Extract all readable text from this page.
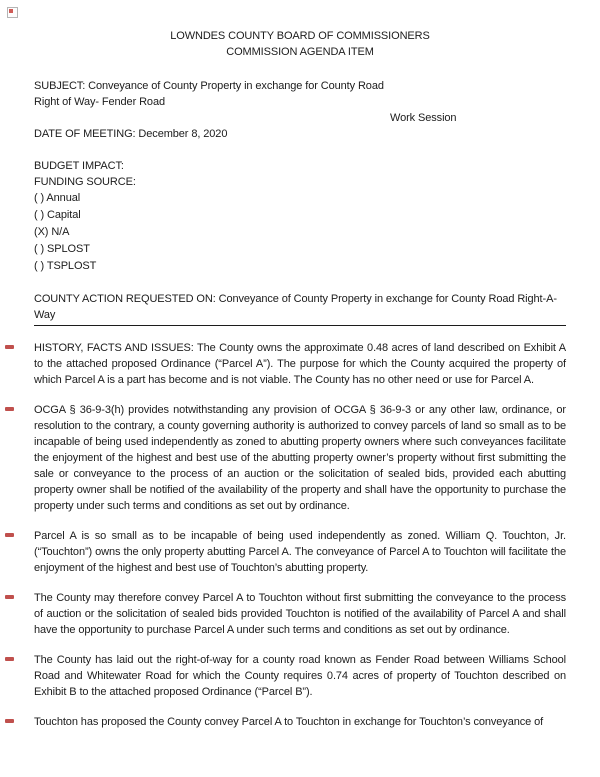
LOWNDES COUNTY BOARD OF COMMISSIONERS
COMMISSION AGENDA ITEM
SUBJECT: Conveyance of County Property in exchange for County Road
Right of Way- Fender Road
Work Session
DATE OF MEETING: December 8, 2020
BUDGET IMPACT:
FUNDING SOURCE:
( ) Annual
( ) Capital
(X) N/A
( ) SPLOST
( ) TSPLOST
COUNTY ACTION REQUESTED ON: Conveyance of County Property in exchange for County Road Right-A-Way
HISTORY, FACTS AND ISSUES: The County owns the approximate 0.48 acres of land described on Exhibit A to the attached proposed Ordinance (“Parcel A”). The purpose for which the County acquired the property of which Parcel A is a part has become and is not viable. The County has no other need or use for Parcel A.
OCGA § 36-9-3(h) provides notwithstanding any provision of OCGA § 36-9-3 or any other law, ordinance, or resolution to the contrary, a county governing authority is authorized to convey parcels of land so small as to be incapable of being used independently as zoned to abutting property owners where such conveyances facilitate the enjoyment of the highest and best use of the abutting property owner’s property without first submitting the sale or conveyance to the process of an auction or the solicitation of sealed bids, provided each abutting property owner shall be notified of the availability of the property and shall have the opportunity to purchase the property under such terms and conditions as set out by ordinance.
Parcel A is so small as to be incapable of being used independently as zoned. William Q. Touchton, Jr. (“Touchton”) owns the only property abutting Parcel A. The conveyance of Parcel A to Touchton will facilitate the enjoyment of the highest and best use of Touchton’s abutting property.
The County may therefore convey Parcel A to Touchton without first submitting the conveyance to the process of auction or the solicitation of sealed bids provided Touchton is notified of the availability of Parcel A and shall have the opportunity to purchase Parcel A under such terms and conditions as set out by ordinance.
The County has laid out the right-of-way for a county road known as Fender Road between Williams School Road and Whitewater Road for which the County requires 0.74 acres of property of Touchton described on Exhibit B to the attached proposed Ordinance (“Parcel B”).
Touchton has proposed the County convey Parcel A to Touchton in exchange for Touchton’s conveyance of
